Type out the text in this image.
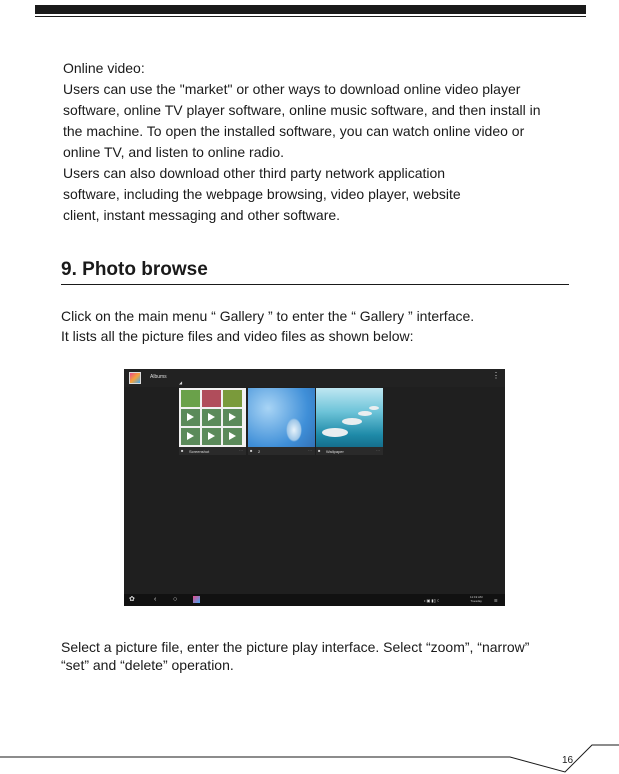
Online video:
Users can use the "market" or other ways to download online video player
software, online TV player software, online music software, and then install in
the machine. To open the installed software, you can watch online video or
online TV, and listen to online radio.
Users can also download other third party network application
software, including the webpage browsing, video player, website
client, instant messaging and other software.

9. Photo browse
Click on the main menu “ Gallery ” to enter the “ Gallery ” interface.
It lists all the picture files and video files as shown below:
Albums
◢
⋮
■ Screenshot	··· ■ 2	··· ■ Wallpaper	···
✿	‹ ○	• ▣ ▮▯ ☾
11:19 AM
Tuesday	☰
Select a picture file, enter the picture play interface. Select “zoom”, “narrow”
“set” and “delete” operation.
16
